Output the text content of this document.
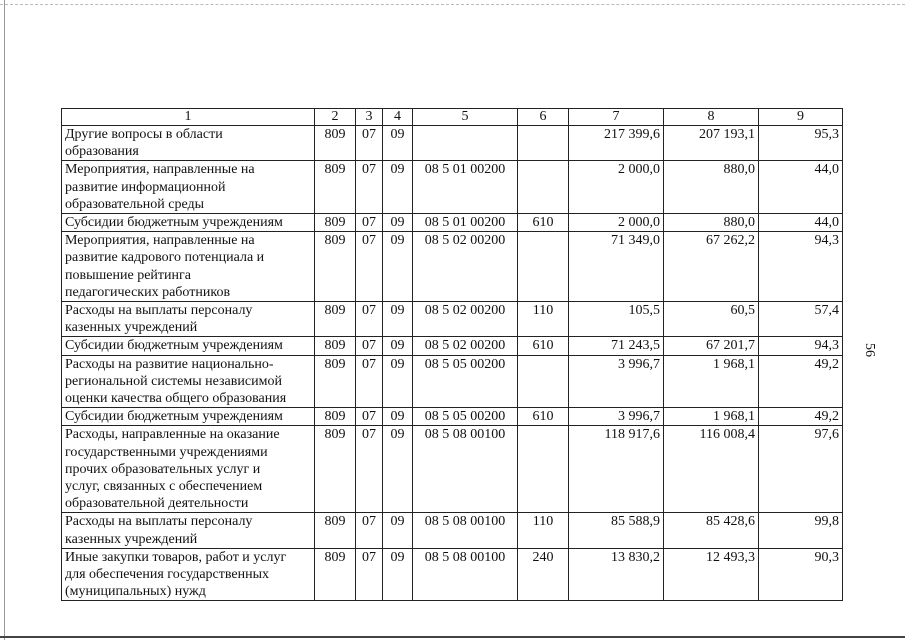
56
1	2	3	4	5	6	7	8	9
Другие вопросы в области
образования	809	07	09			217 399,6	207 193,1	95,3
Мероприятия, направленные на
развитие информационной
образовательной среды	809	07	09	08 5 01 00200		2 000,0	880,0	44,0
Субсидии бюджетным учреждениям	809	07	09	08 5 01 00200	610	2 000,0	880,0	44,0
Мероприятия, направленные на
развитие кадрового потенциала и
повышение рейтинга
педагогических работников	809	07	09	08 5 02 00200		71 349,0	67 262,2	94,3
Расходы на выплаты персоналу
казенных учреждений	809	07	09	08 5 02 00200	110	105,5	60,5	57,4
Субсидии бюджетным учреждениям	809	07	09	08 5 02 00200	610	71 243,5	67 201,7	94,3
Расходы на развитие национально-
региональной системы независимой
оценки качества общего образования	809	07	09	08 5 05 00200		3 996,7	1 968,1	49,2
Субсидии бюджетным учреждениям	809	07	09	08 5 05 00200	610	3 996,7	1 968,1	49,2
Расходы, направленные на оказание
государственными учреждениями
прочих образовательных услуг и
услуг, связанных с обеспечением
образовательной деятельности	809	07	09	08 5 08 00100		118 917,6	116 008,4	97,6
Расходы на выплаты персоналу
казенных учреждений	809	07	09	08 5 08 00100	110	85 588,9	85 428,6	99,8
Иные закупки товаров, работ и услуг
для обеспечения государственных
(муниципальных) нужд	809	07	09	08 5 08 00100	240	13 830,2	12 493,3	90,3
